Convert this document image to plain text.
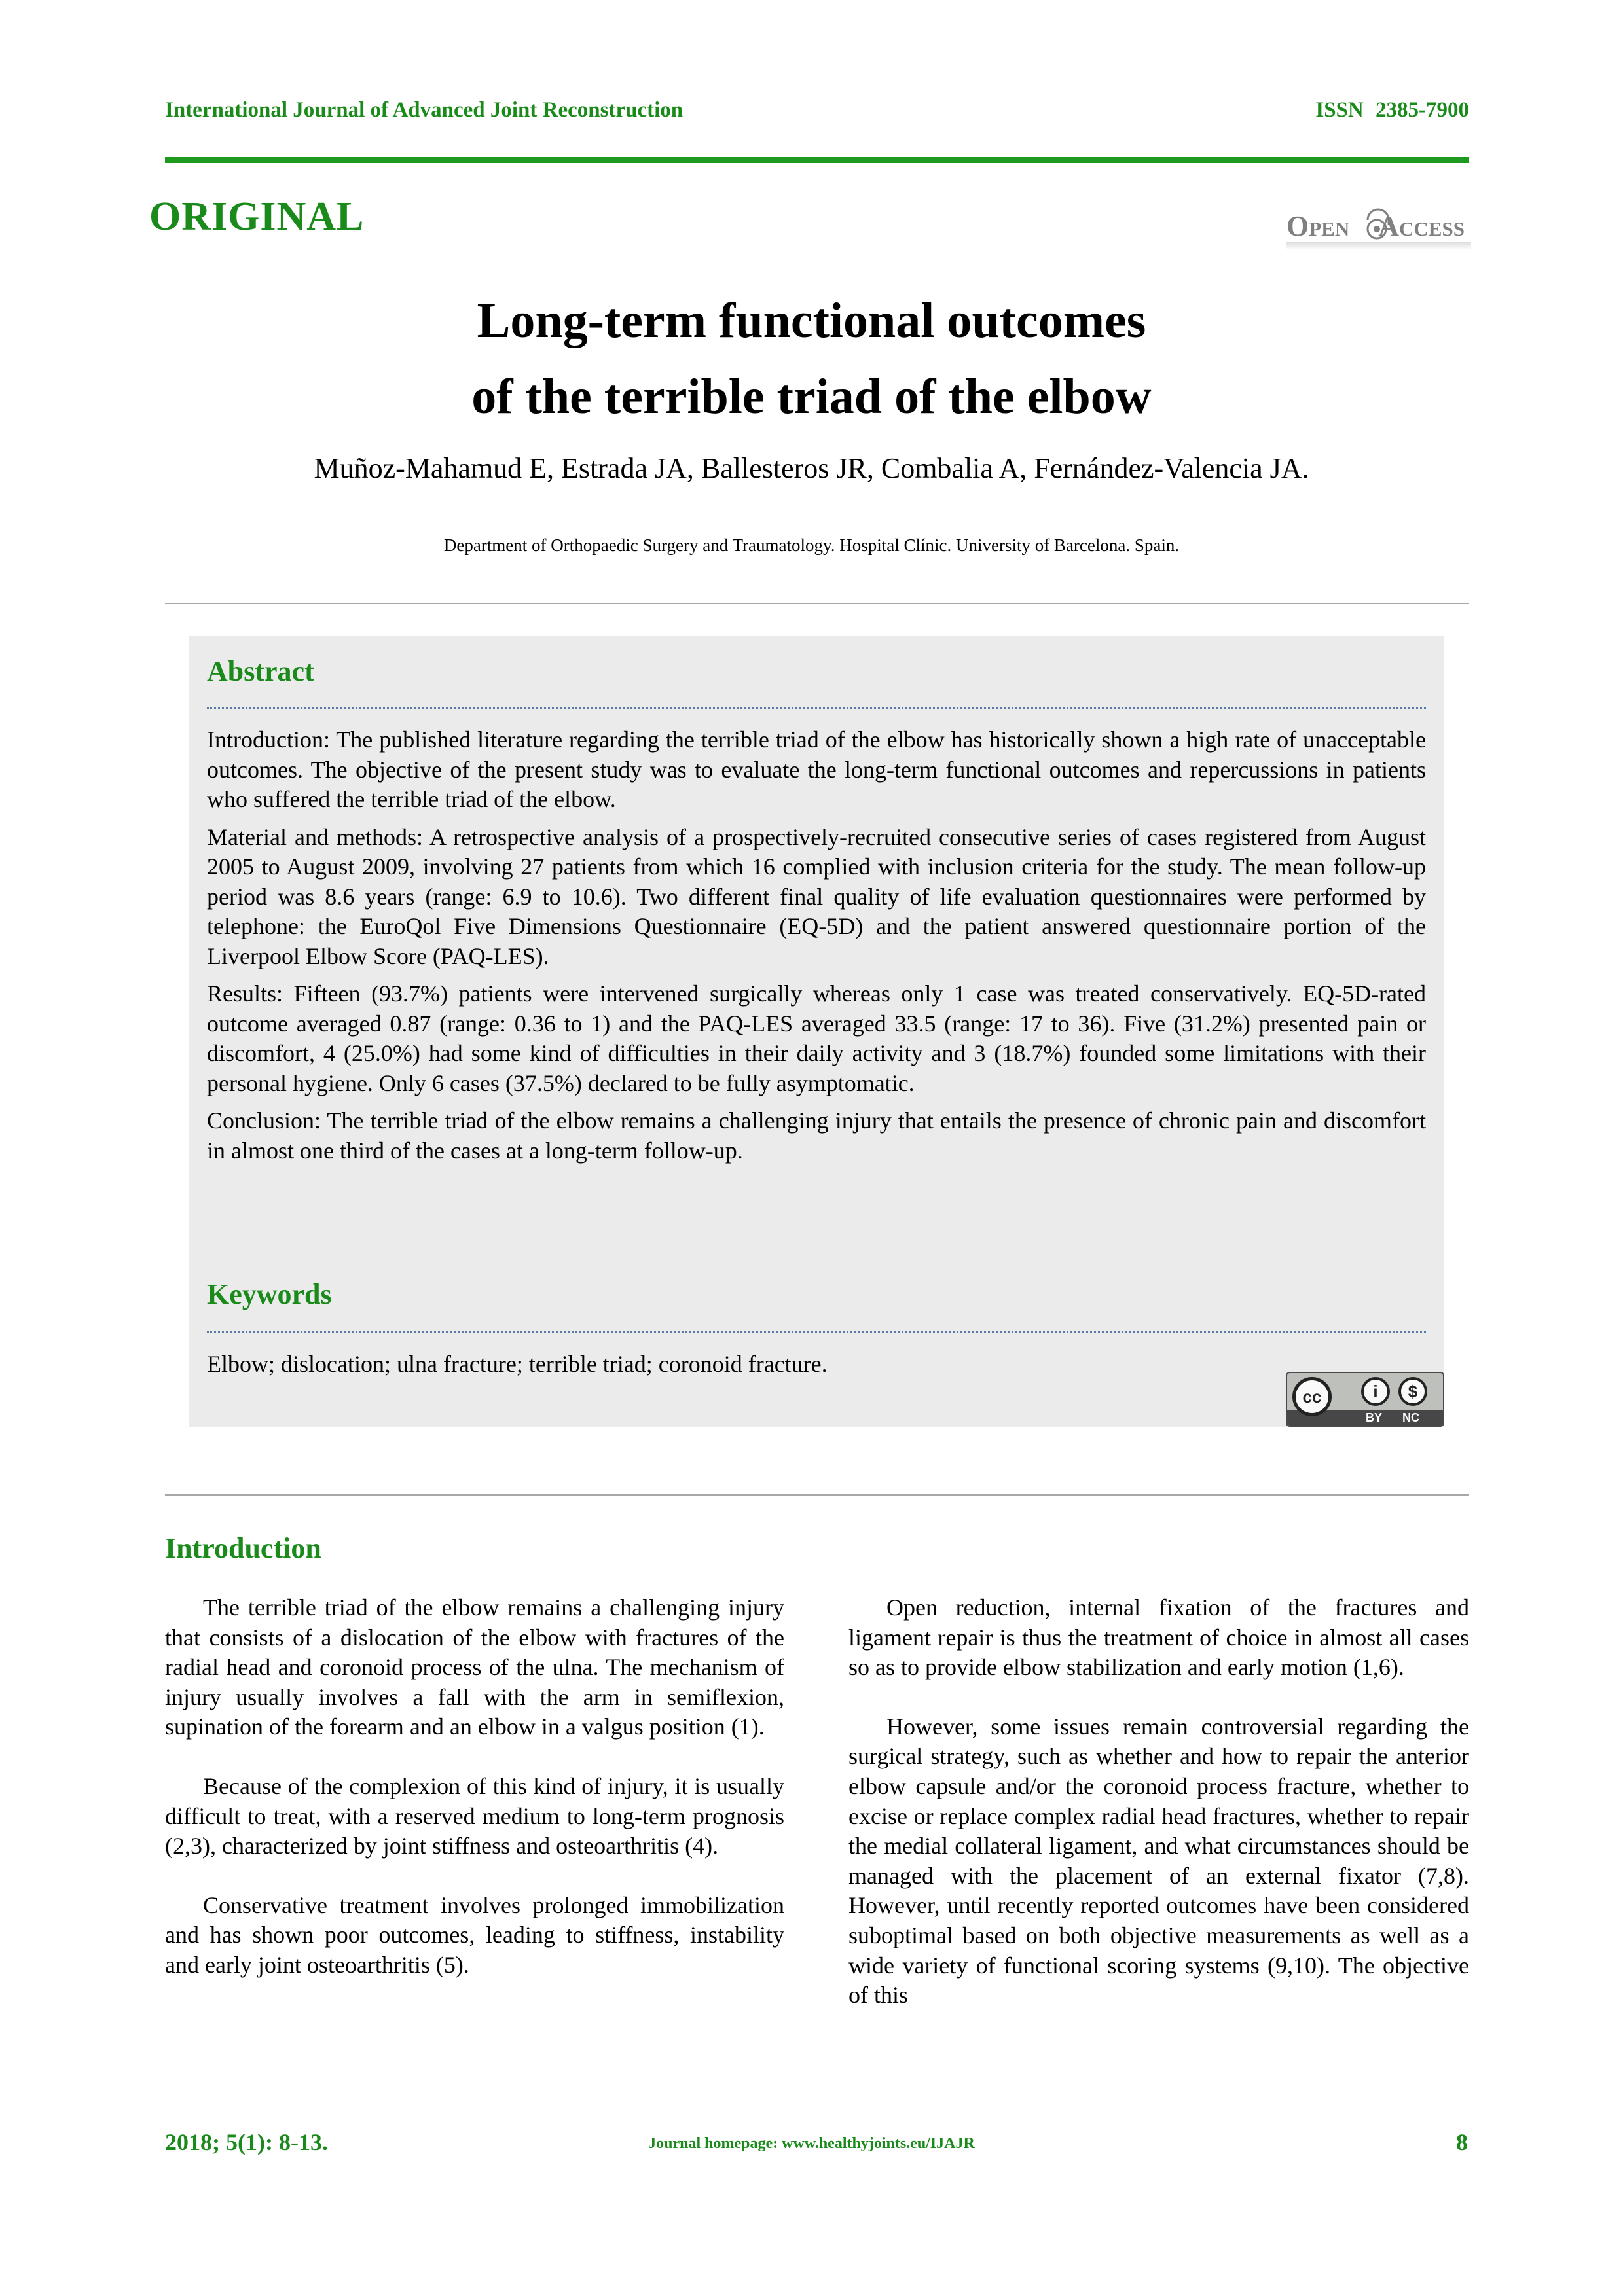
International Journal of Advanced Joint Reconstruction	ISSN 2385-7900
ORIGINAL	Open    Access
Long-term functional outcomes
of the terrible triad of the elbow
Muñoz-Mahamud E, Estrada JA, Ballesteros JR, Combalia A, Fernández-Valencia JA.
Department of Orthopaedic Surgery and Traumatology. Hospital Clínic. University of Barcelona. Spain.
Abstract

Introduction: The published literature regarding the terrible triad of the elbow has historically shown a high rate of unacceptable outcomes. The objective of the present study was to evaluate the long-term functional outcomes and repercussions in patients who suffered the terrible triad of the elbow.

Material and methods: A retrospective analysis of a prospectively-recruited consecutive series of cases registered from August 2005 to August 2009, involving 27 patients from which 16 complied with inclusion criteria for the study. The mean follow-up period was 8.6 years (range: 6.9 to 10.6). Two different final quality of life evaluation questionnaires were performed by telephone: the EuroQol Five Dimensions Questionnaire (EQ-5D) and the patient answered questionnaire portion of the Liverpool Elbow Score (PAQ-LES).

Results: Fifteen (93.7%) patients were intervened surgically whereas only 1 case was treated conservatively. EQ-5D-rated outcome averaged 0.87 (range: 0.36 to 1) and the PAQ-LES averaged 33.5 (range: 17 to 36). Five (31.2%) presented pain or discomfort, 4 (25.0%) had some kind of difficulties in their daily activity and 3 (18.7%) founded some limitations with their personal hygiene. Only 6 cases (37.5%) declared to be fully asymptomatic.

Conclusion: The terrible triad of the elbow remains a challenging injury that entails the presence of chronic pain and discomfort in almost one third of the cases at a long-term follow-up.

Keywords

Elbow; dislocation; ulna fracture; terrible triad; coronoid fracture.

cc	i	$
BY NC
Introduction

The terrible triad of the elbow remains a challenging injury that consists of a dislocation of the elbow with fractures of the radial head and coronoid process of the ulna. The mechanism of injury usually involves a fall with the arm in semiflexion, supination of the forearm and an elbow in a valgus position (1).

Because of the complexion of this kind of injury, it is usually difficult to treat, with a reserved medium to long-term prognosis (2,3), characterized by joint stiffness and osteoarthritis (4).

Conservative treatment involves prolonged immobilization and has shown poor outcomes, leading to stiffness, instability and early joint osteoarthritis (5).

Open reduction, internal fixation of the fractures and ligament repair is thus the treatment of choice in almost all cases so as to provide elbow stabilization and early motion (1,6).

However, some issues remain controversial regarding the surgical strategy, such as whether and how to repair the anterior elbow capsule and/or the coronoid process fracture, whether to excise or replace complex radial head fractures, whether to repair the medial collateral ligament, and what circumstances should be managed with the placement of an external fixator (7,8). However, until recently reported outcomes have been considered suboptimal based on both objective measurements as well as a wide variety of functional scoring systems (9,10). The objective of this

2018; 5(1): 8-13.	Journal homepage: www.healthyjoints.eu/IJAJR	8
